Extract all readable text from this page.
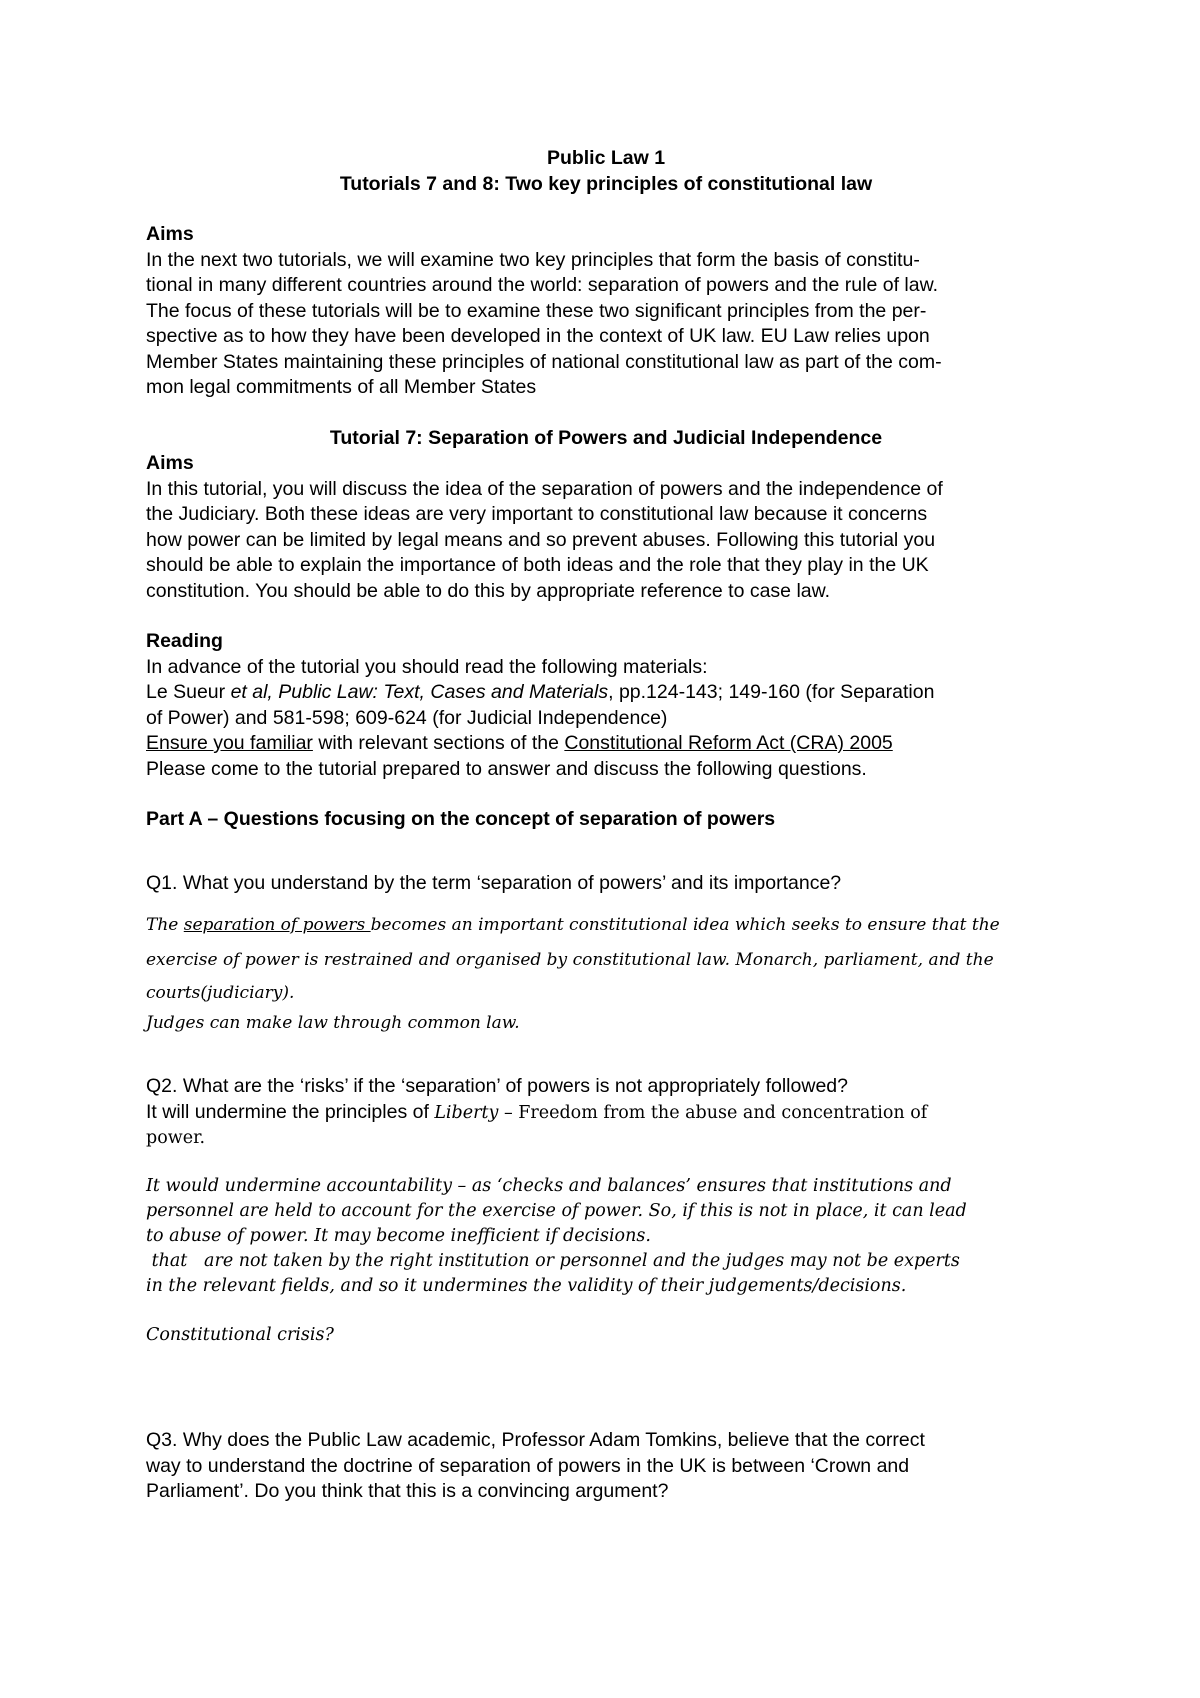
Public Law 1

Tutorials 7 and 8: Two key principles of constitutional law

Aims

In the next two tutorials, we will examine two key principles that form the basis of constitu-

tional in many different countries around the world: separation of powers and the rule of law.

The focus of these tutorials will be to examine these two significant principles from the per-

spective as to how they have been developed in the context of UK law. EU Law relies upon

Member States maintaining these principles of national constitutional law as part of the com-

mon legal commitments of all Member States

Tutorial 7: Separation of Powers and Judicial Independence

Aims

In this tutorial, you will discuss the idea of the separation of powers and the independence of

the Judiciary. Both these ideas are very important to constitutional law because it concerns

how power can be limited by legal means and so prevent abuses. Following this tutorial you

should be able to explain the importance of both ideas and the role that they play in the UK

constitution. You should be able to do this by appropriate reference to case law.

Reading

In advance of the tutorial you should read the following materials:

Le Sueur et al, Public Law: Text, Cases and Materials, pp.124-143; 149-160 (for Separation

of Power) and 581-598; 609-624 (for Judicial Independence)

Ensure you familiar with relevant sections of the Constitutional Reform Act (CRA) 2005

Please come to the tutorial prepared to answer and discuss the following questions.

Part A – Questions focusing on the concept of separation of powers

Q1. What you understand by the term ‘separation of powers’ and its importance?

The separation of powers becomes an important constitutional idea which seeks to ensure that the

exercise of power is restrained and organised by constitutional law. Monarch, parliament, and the

courts(judiciary).

Judges can make law through common law.

Q2. What are the ‘risks’ if the ‘separation’ of powers is not appropriately followed?

It will undermine the principles of Liberty – Freedom from the abuse and concentration of

power.

It would undermine accountability – as ‘checks and balances’ ensures that institutions and

personnel are held to account for the exercise of power. So, if this is not in place, it can lead

to abuse of power. It may become inefficient if decisions.

that   are not taken by the right institution or personnel and the judges may not be experts

in the relevant fields, and so it undermines the validity of their judgements/decisions.

Constitutional crisis?

Q3. Why does the Public Law academic, Professor Adam Tomkins, believe that the correct

way to understand the doctrine of separation of powers in the UK is between ‘Crown and

Parliament’. Do you think that this is a convincing argument?
